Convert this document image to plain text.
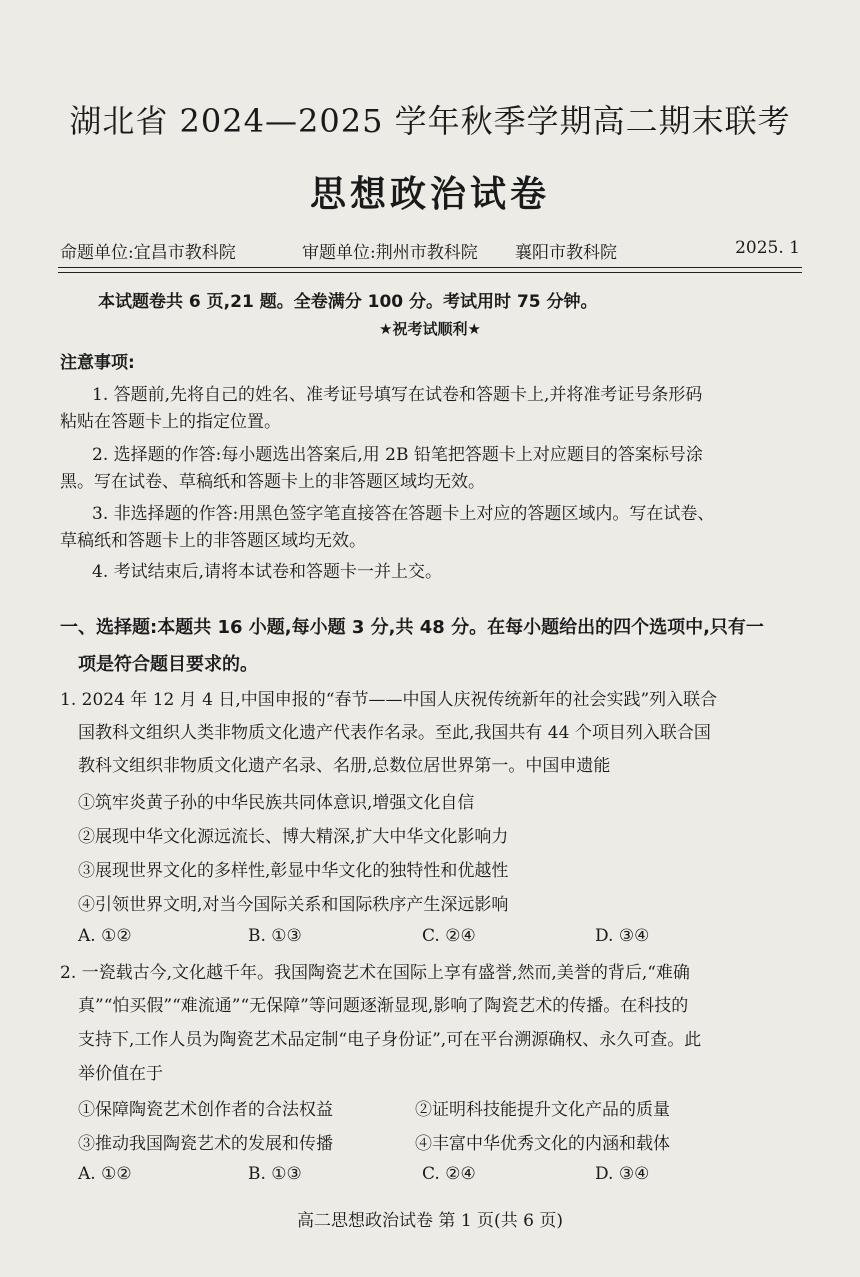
湖北省 2024—2025 学年秋季学期高二期末联考
思想政治试卷
命题单位:宜昌市教科院	审题单位:荆州市教科院 襄阳市教科院	2025. 1
本试题卷共 6 页,21 题。全卷满分 100 分。考试用时 75 分钟。
★祝考试顺利★
注意事项:
1. 答题前,先将自己的姓名、准考证号填写在试卷和答题卡上,并将准考证号条形码
粘贴在答题卡上的指定位置。
2. 选择题的作答:每小题选出答案后,用 2B 铅笔把答题卡上对应题目的答案标号涂
黑。写在试卷、草稿纸和答题卡上的非答题区域均无效。
3. 非选择题的作答:用黑色签字笔直接答在答题卡上对应的答题区域内。写在试卷、
草稿纸和答题卡上的非答题区域均无效。
4. 考试结束后,请将本试卷和答题卡一并上交。
一、选择题:本题共 16 小题,每小题 3 分,共 48 分。在每小题给出的四个选项中,只有一
项是符合题目要求的。
1. 2024 年 12 月 4 日,中国申报的“春节——中国人庆祝传统新年的社会实践”列入联合
国教科文组织人类非物质文化遗产代表作名录。至此,我国共有 44 个项目列入联合国
教科文组织非物质文化遗产名录、名册,总数位居世界第一。中国申遗能
①筑牢炎黄子孙的中华民族共同体意识,增强文化自信
②展现中华文化源远流长、博大精深,扩大中华文化影响力
③展现世界文化的多样性,彰显中华文化的独特性和优越性
④引领世界文明,对当今国际关系和国际秩序产生深远影响
A. ①②	B. ①③	C. ②④	D. ③④
2. 一瓷载古今,文化越千年。我国陶瓷艺术在国际上享有盛誉,然而,美誉的背后,“难确
真”“怕买假”“难流通”“无保障”等问题逐渐显现,影响了陶瓷艺术的传播。在科技的
支持下,工作人员为陶瓷艺术品定制“电子身份证”,可在平台溯源确权、永久可查。此
举价值在于
①保障陶瓷艺术创作者的合法权益	②证明科技能提升文化产品的质量
③推动我国陶瓷艺术的发展和传播	④丰富中华优秀文化的内涵和载体
A. ①②	B. ①③	C. ②④	D. ③④
高二思想政治试卷 第 1 页(共 6 页)
